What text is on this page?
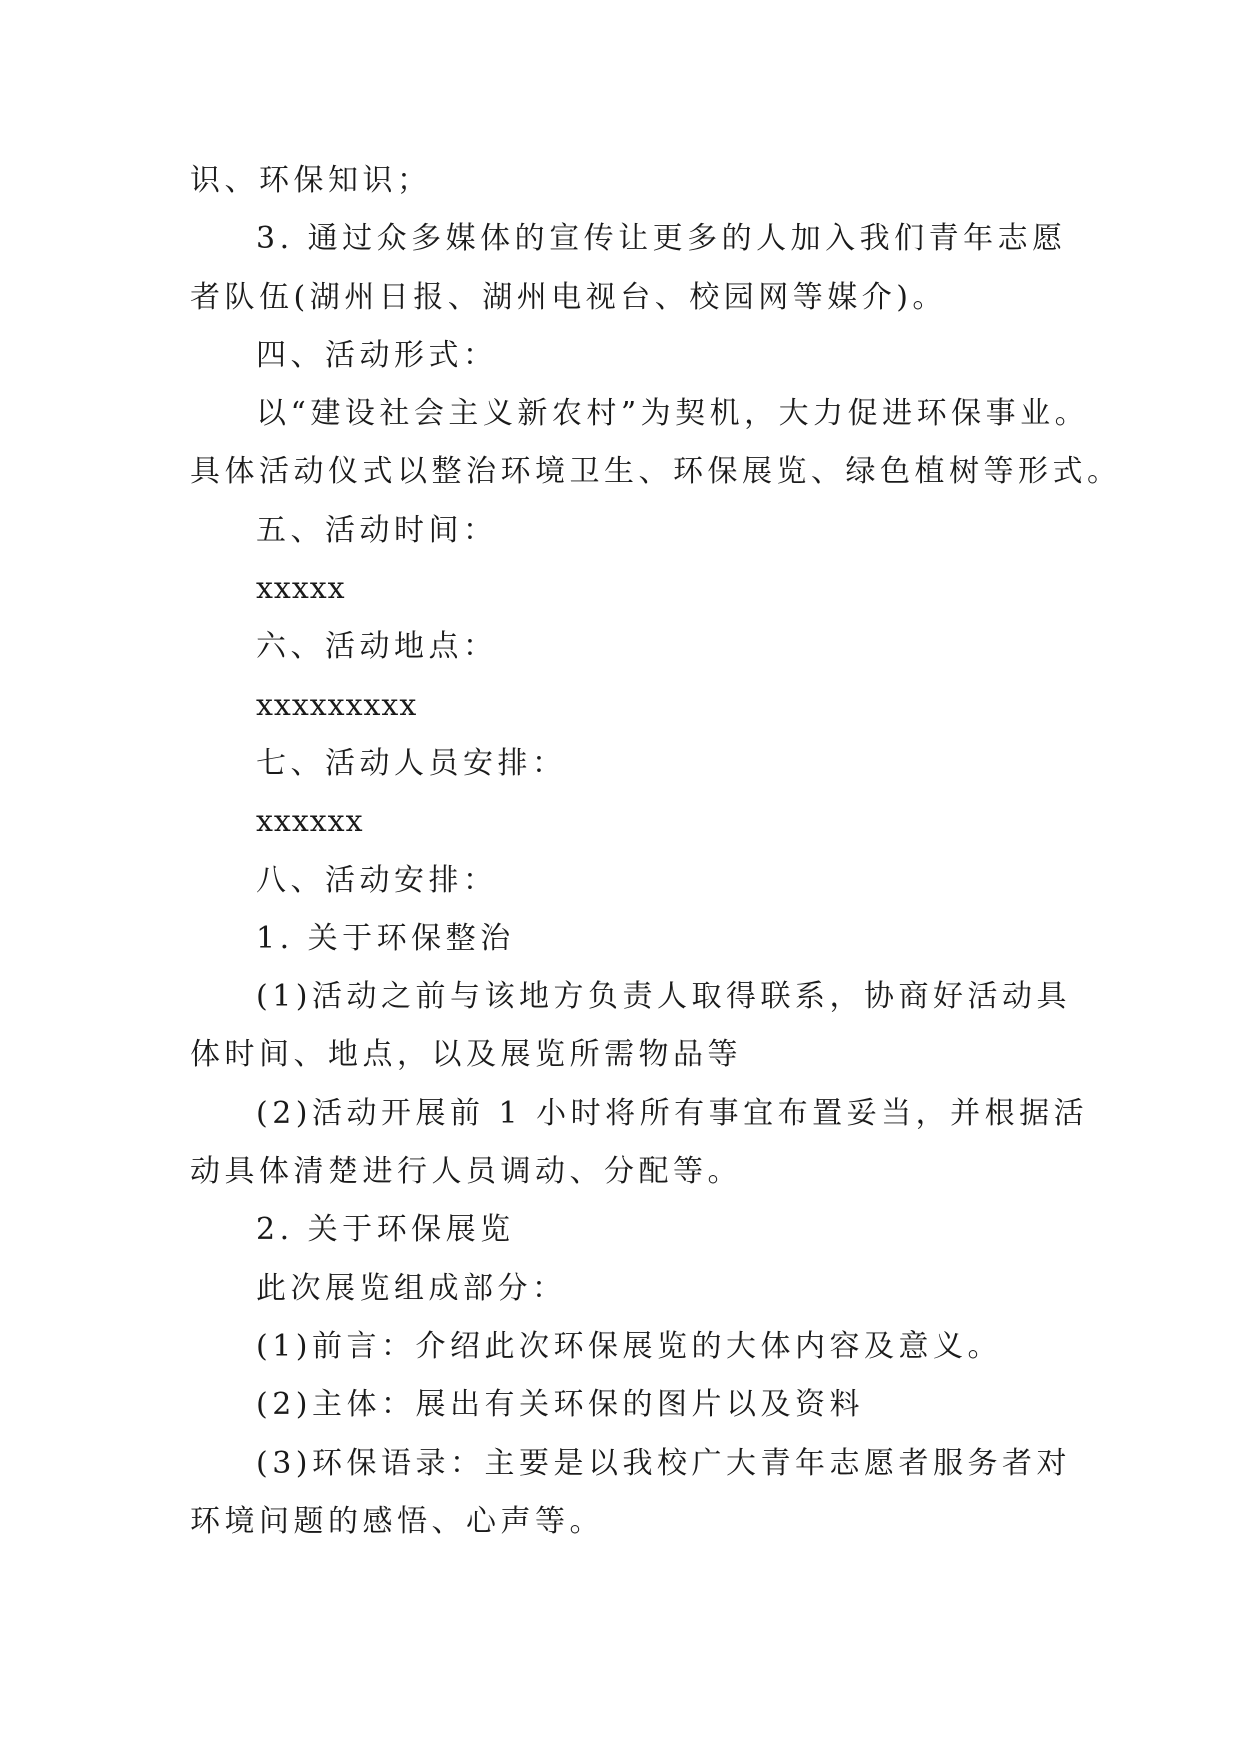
识、环保知识；
3. 通过众多媒体的宣传让更多的人加入我们青年志愿
者队伍(湖州日报、湖州电视台、校园网等媒介)。
四、活动形式：
以“建设社会主义新农村”为契机，大力促进环保事业。
具体活动仪式以整治环境卫生、环保展览、绿色植树等形式。
五、活动时间：
xxxxx
六、活动地点：
xxxxxxxxx
七、活动人员安排：
xxxxxx
八、活动安排：
1. 关于环保整治
(1)活动之前与该地方负责人取得联系，协商好活动具
体时间、地点，以及展览所需物品等
(2)活动开展前 1 小时将所有事宜布置妥当，并根据活
动具体清楚进行人员调动、分配等。
2. 关于环保展览
此次展览组成部分：
(1)前言：介绍此次环保展览的大体内容及意义。
(2)主体：展出有关环保的图片以及资料
(3)环保语录：主要是以我校广大青年志愿者服务者对
环境问题的感悟、心声等。
